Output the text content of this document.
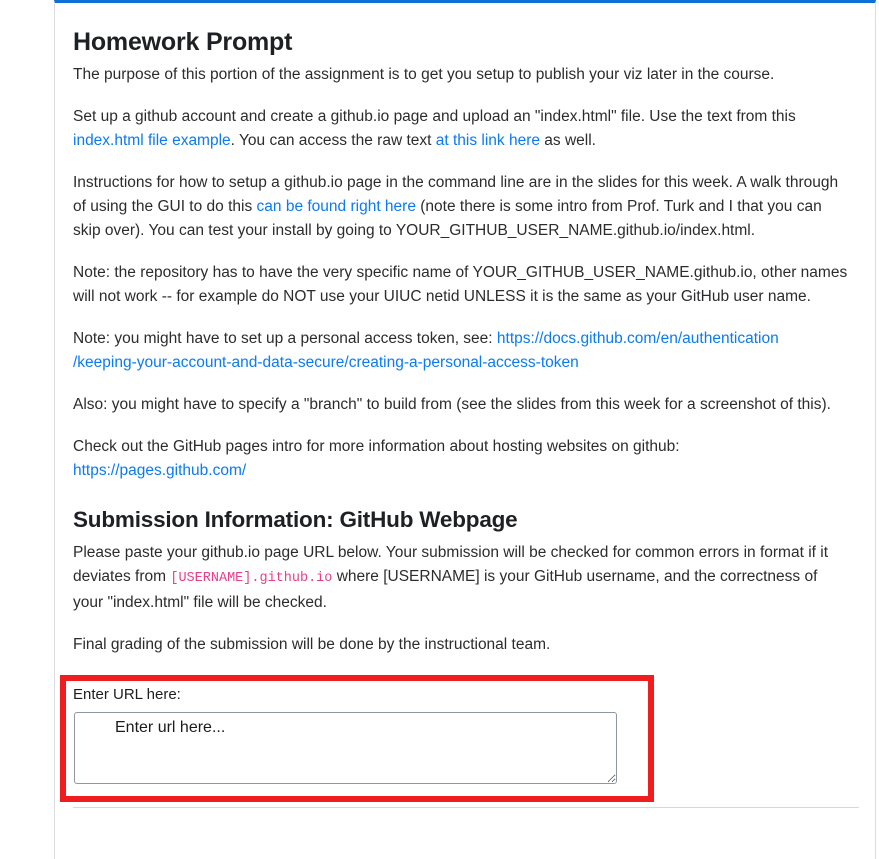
Homework Prompt

The purpose of this portion of the assignment is to get you setup to publish your viz later in the course.

Set up a github account and create a github.io page and upload an "index.html" file. Use the text from this index.html file example. You can access the raw text at this link here as well.

Instructions for how to setup a github.io page in the command line are in the slides for this week. A walk through of using the GUI to do this can be found right here (note there is some intro from Prof. Turk and I that you can skip over). You can test your install by going to YOUR_GITHUB_USER_NAME.github.io/index.html.

Note: the repository has to have the very specific name of YOUR_GITHUB_USER_NAME.github.io, other names will not work -- for example do NOT use your UIUC netid UNLESS it is the same as your GitHub user name.

Note: you might have to set up a personal access token, see: https://docs.github.com/en/authentication
/keeping-your-account-and-data-secure/creating-a-personal-access-token

Also: you might have to specify a "branch" to build from (see the slides from this week for a screenshot of this).

Check out the GitHub pages intro for more information about hosting websites on github: https://pages.github.com/

Submission Information: GitHub Webpage

Please paste your github.io page URL below. Your submission will be checked for common errors in format if it deviates from [USERNAME].github.io where [USERNAME] is your GitHub username, and the correctness of your "index.html" file will be checked.

Final grading of the submission will be done by the instructional team.

Enter URL here:
Enter url here...
